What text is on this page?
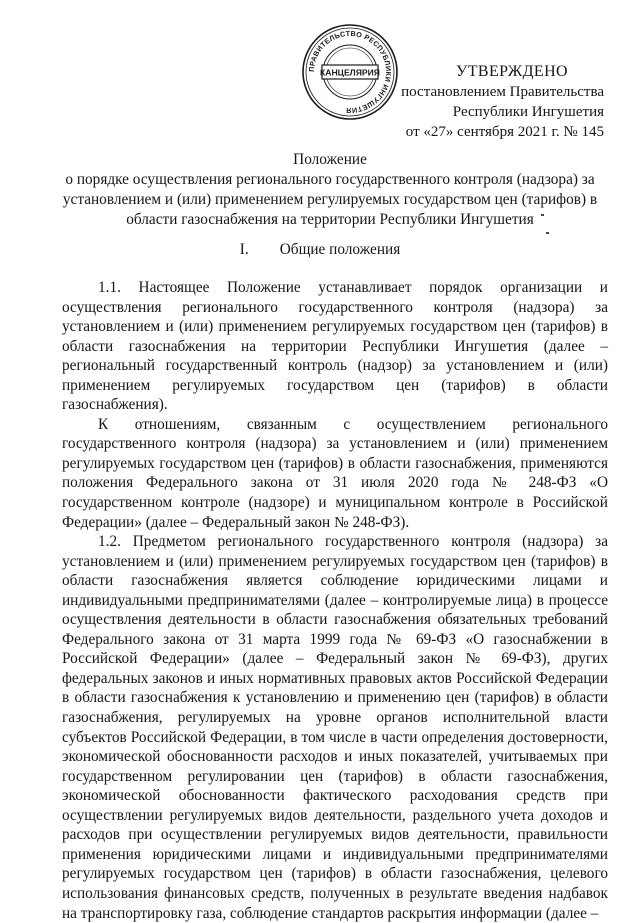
ПРАВИТЕЛЬСТВО РЕСПУБЛИКИ ИНГУШЕТИЯ
КАНЦЕЛЯРИЯ	УТВЕРЖДЕНО
постановлением Правительства
Республики Ингушетия
от «27» сентября 2021 г. № 145
Положение
о порядке осуществления регионального государственного контроля (надзора) за
установлением и (или) применением регулируемых государством цен (тарифов) в
области газоснабжения на территории Республики Ингушетия
I. Общие положения

1.1. Настоящее Положение устанавливает порядок организации и осуществления регионального государственного контроля (надзора) за установлением и (или) применением регулируемых государством цен (тарифов) в области газоснабжения на территории Республики Ингушетия (далее – региональный государственный контроль (надзор) за установлением и (или) применением регулируемых государством цен (тарифов) в области газоснабжения).

К отношениям, связанным с осуществлением регионального государственного контроля (надзора) за установлением и (или) применением регулируемых государством цен (тарифов) в области газоснабжения, применяются положения Федерального закона от 31 июля 2020 года № 248-ФЗ «О государственном контроле (надзоре) и муниципальном контроле в Российской Федерации» (далее – Федеральный закон № 248-ФЗ).

1.2. Предметом регионального государственного контроля (надзора) за установлением и (или) применением регулируемых государством цен (тарифов) в области газоснабжения является соблюдение юридическими лицами и индивидуальными предпринимателями (далее – контролируемые лица) в процессе осуществления деятельности в области газоснабжения обязательных требований Федерального закона от 31 марта 1999 года № 69-ФЗ «О газоснабжении в Российской Федерации» (далее – Федеральный закон № 69-ФЗ), других федеральных законов и иных нормативных правовых актов Российской Федерации в области газоснабжения к установлению и применению цен (тарифов) в области газоснабжения, регулируемых на уровне органов исполнительной власти субъектов Российской Федерации, в том числе в части определения достоверности, экономической обоснованности расходов и иных показателей, учитываемых при государственном регулировании цен (тарифов) в области газоснабжения, экономической обоснованности фактического расходования средств при осуществлении регулируемых видов деятельности, раздельного учета доходов и расходов при осуществлении регулируемых видов деятельности, правильности применения юридическими лицами и индивидуальными предпринимателями регулируемых государством цен (тарифов) в области газоснабжения, целевого использования финансовых средств, полученных в результате введения надбавок на транспортировку газа, соблюдение стандартов раскрытия информации (далее –
